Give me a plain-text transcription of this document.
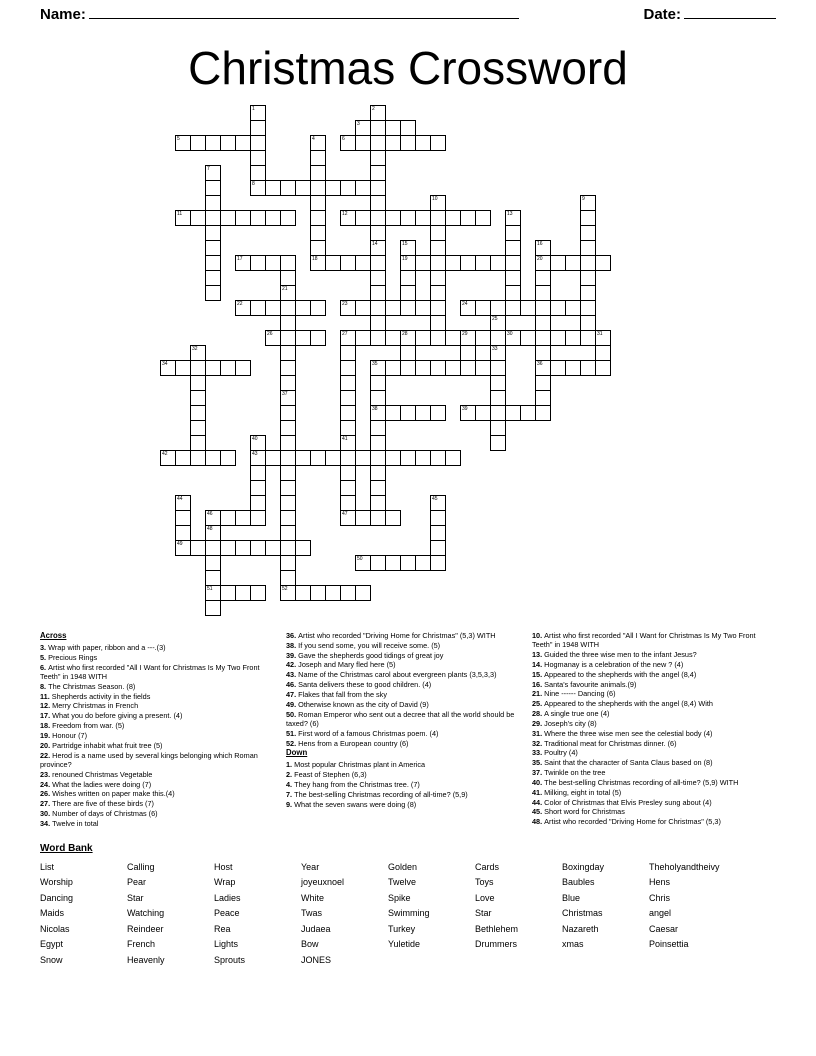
Name:	Date:
Christmas Crossword
1	2
3
5	4	6
7
8
10	9
11	12	13
14	15	16
17	18	19	20
21
22	23	24
25
26	27	28	29	30	31
32	33
34	35	36
37
38	39
40	41
42	43
44	45
46	47
48
49
50
51	52
Across
3. Wrap with paper, ribbon and a ---.(3)
5. Precious Rings
6. Artist who first recorded "All I Want for Christmas Is My Two Front Teeth" in 1948 WITH
8. The Christmas Season. (8)
11. Shepherds activity in the fields
12. Merry Christmas in French
17. What you do before giving a present. (4)
18. Freedom from war. (5)
19. Honour (7)
20. Partridge inhabit what fruit tree (5)
22. Herod is a name used by several kings belonging which Roman province?
23. renouned Christmas Vegetable
24. What the ladies were doing (7)
26. Wishes written on paper make this.(4)
27. There are five of these birds (7)
30. Number of days of Christmas (6)
34. Twelve in total
36. Artist who recorded "Driving Home for Christmas" (5,3) WITH
38. If you send some, you will receive some. (5)
39. Gave the shepherds good tidings of great joy
42. Joseph and Mary fled here (5)
43. Name of the Christmas carol about evergreen plants (3,5,3,3)
46. Santa delivers these to good children. (4)
47. Flakes that fall from the sky
49. Otherwise known as the city of David (9)
50. Roman Emperor who sent out a decree that all the world should be taxed? (6)
51. First word of a famous Christmas poem. (4)
52. Hens from a European country (6)
Down
1. Most popular Christmas plant in America
2. Feast of Stephen (6,3)
4. They hang from the Christmas tree. (7)
7. The best-selling Christmas recording of all-time? (5,9)
9. What the seven swans were doing (8)
10. Artist who first recorded "All I Want for Christmas Is My Two Front Teeth" in 1948 WITH
13. Guided the three wise men to the infant Jesus?
14. Hogmanay is a celebration of the new ? (4)
15. Appeared to the shepherds with the angel (8,4)
16. Santa's favourite animals.(9)
21. Nine ------ Dancing (6)
25. Appeared to the shepherds with the angel (8,4) With
28. A single true one (4)
29. Joseph's city (8)
31. Where the three wise men see the celestial body (4)
32. Traditional meat for Christmas dinner. (6)
33. Poultry (4)
35. Saint that the character of Santa Claus based on (8)
37. Twinkle on the tree
40. The best-selling Christmas recording of all-time? (5,9) WITH
41. Milking, eight in total (5)
44. Color of Christmas that Elvis Presley sung about (4)
45. Short word for Christmas
48. Artist who recorded "Driving Home for Christmas" (5,3)
Word Bank
List
Worship
Dancing
Maids
Nicolas
Egypt
Snow
Calling
Pear
Star
Watching
Reindeer
French
Heavenly
Host
Wrap
Ladies
Peace
Rea
Lights
Sprouts
Year
joyeuxnoel
White
Twas
Judaea
Bow
JONES
Golden
Twelve
Spike
Swimming
Turkey
Yuletide
Cards
Toys
Love
Star
Bethlehem
Drummers
Boxingday
Baubles
Blue
Christmas
Nazareth
xmas
Theholyandtheivy
Hens
Chris
angel
Caesar
Poinsettia
